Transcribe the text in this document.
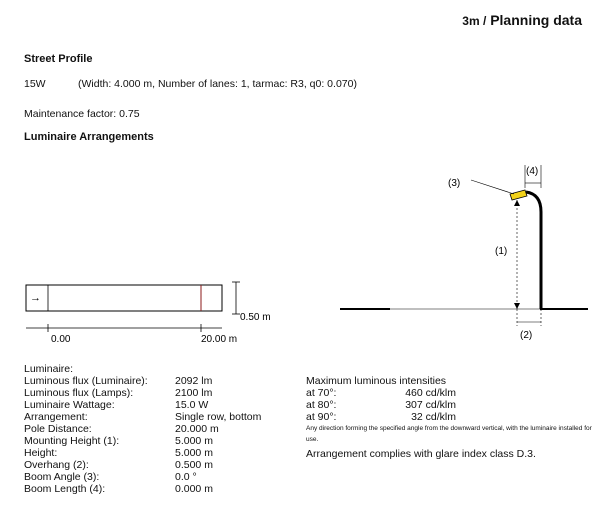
3m / Planning data
Street Profile
15W	(Width: 4.000 m, Number of lanes: 1, tarmac: R3, q0: 0.070)
Maintenance factor: 0.75
Luminaire Arrangements
→
0.50 m
0.00	20.00 m
(3)
(4)
(1)
(2)
Luminaire:
Luminous flux (Luminaire):	2092 lm
Luminous flux (Lamps):	2100 lm
Luminaire Wattage:	15.0 W
Arrangement:	Single row, bottom
Pole Distance:	20.000 m
Mounting Height (1):	5.000 m
Height:	5.000 m
Overhang (2):	0.500 m
Boom Angle (3):	0.0 °
Boom Length (4):	0.000 m
Maximum luminous intensities
at 70°:	460 cd/klm
at 80°:	307 cd/klm
at 90°:	32 cd/klm
Any direction forming the specified angle from the downward vertical, with the luminaire installed for use.
Arrangement complies with glare index class D.3.
